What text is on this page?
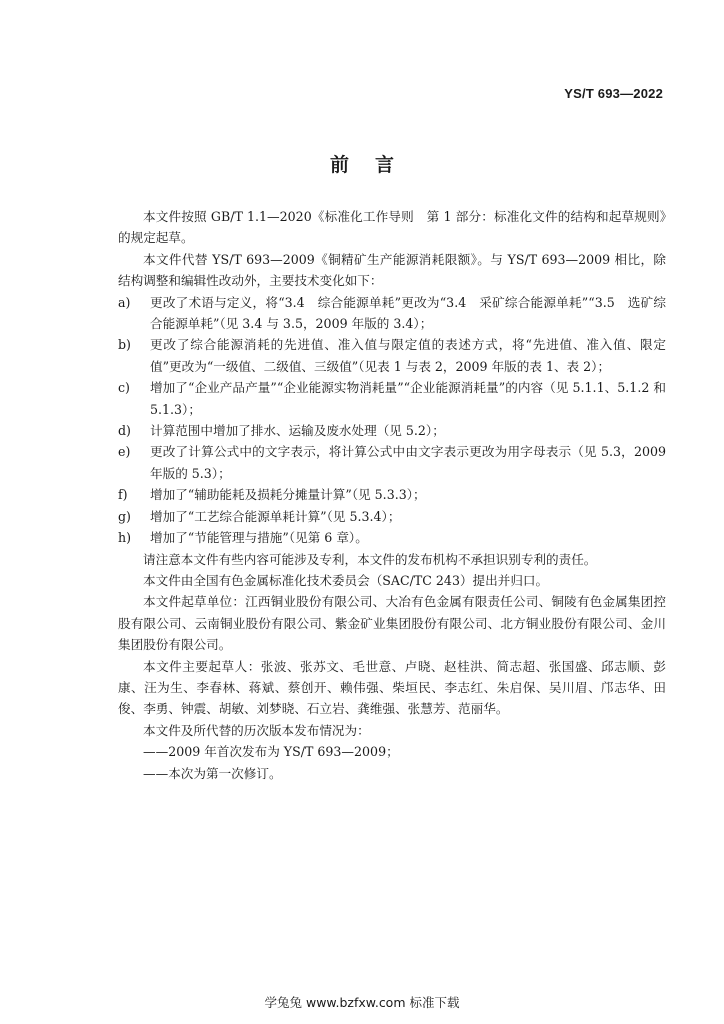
YS/T 693—2022
前言

本文件按照 GB/T 1.1—2020《标准化工作导则　第 1 部分：标准化文件的结构和起草规则》的规定起草。

本文件代替 YS/T 693—2009《铜精矿生产能源消耗限额》。与 YS/T 693—2009 相比，除结构调整和编辑性改动外，主要技术变化如下：

a) 更改了术语与定义，将“3.4　综合能源单耗”更改为“3.4　采矿综合能源单耗”“3.5　选矿综合能源单耗”（见 3.4 与 3.5，2009 年版的 3.4）；

b) 更改了综合能源消耗的先进值、准入值与限定值的表述方式，将“先进值、准入值、限定值”更改为“一级值、二级值、三级值”（见表 1 与表 2，2009 年版的表 1、表 2）；

c) 增加了“企业产品产量”“企业能源实物消耗量”“企业能源消耗量”的内容（见 5.1.1、5.1.2 和 5.1.3）；

d) 计算范围中增加了排水、运输及废水处理（见 5.2）；

e) 更改了计算公式中的文字表示，将计算公式中由文字表示更改为用字母表示（见 5.3，2009 年版的 5.3）；

f) 增加了“辅助能耗及损耗分摊量计算”（见 5.3.3）；

g) 增加了“工艺综合能源单耗计算”（见 5.3.4）；

h) 增加了“节能管理与措施”（见第 6 章）。

请注意本文件有些内容可能涉及专利，本文件的发布机构不承担识别专利的责任。

本文件由全国有色金属标准化技术委员会（SAC/TC 243）提出并归口。

本文件起草单位：江西铜业股份有限公司、大冶有色金属有限责任公司、铜陵有色金属集团控股有限公司、云南铜业股份有限公司、紫金矿业集团股份有限公司、北方铜业股份有限公司、金川集团股份有限公司。

本文件主要起草人：张波、张苏文、毛世意、卢晓、赵桂洪、简志超、张国盛、邱志顺、彭康、汪为生、李春林、蒋斌、蔡创开、赖伟强、柴垣民、李志红、朱启保、吴川眉、邝志华、田俊、李勇、钟震、胡敏、刘梦晓、石立岩、龚维强、张慧芳、范丽华。

本文件及所代替的历次版本发布情况为：

——2009 年首次发布为 YS/T 693—2009；

——本次为第一次修订。

学兔兔 www.bzfxw.com 标准下载
